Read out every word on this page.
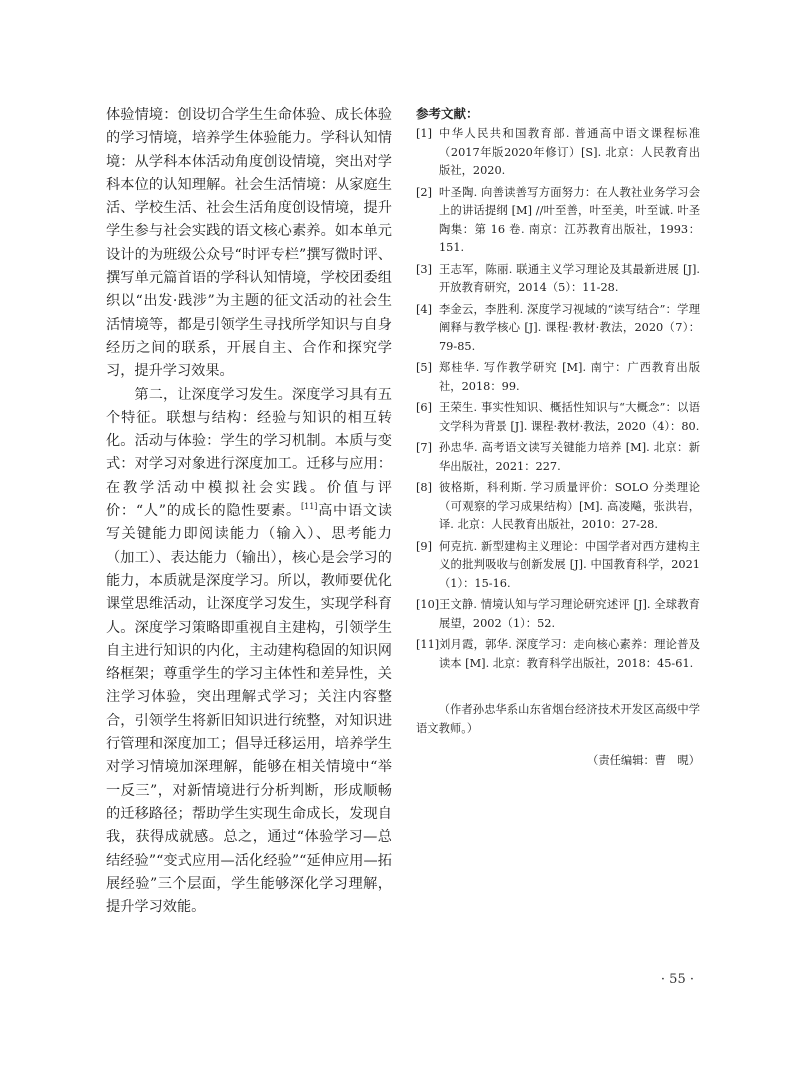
体验情境：创设切合学生生命体验、成长体验的学习情境，培养学生体验能力。学科认知情境：从学科本体活动角度创设情境，突出对学科本位的认知理解。社会生活情境：从家庭生活、学校生活、社会生活角度创设情境，提升学生参与社会实践的语文核心素养。如本单元设计的为班级公众号“时评专栏”撰写微时评、撰写单元篇首语的学科认知情境，学校团委组织以“出发·践涉”为主题的征文活动的社会生活情境等，都是引领学生寻找所学知识与自身经历之间的联系，开展自主、合作和探究学习，提升学习效果。

第二，让深度学习发生。深度学习具有五个特征。联想与结构：经验与知识的相互转化。活动与体验：学生的学习机制。本质与变式：对学习对象进行深度加工。迁移与应用：在教学活动中模拟社会实践。价值与评价：“人”的成长的隐性要素。[11]高中语文读写关键能力即阅读能力（输入）、思考能力（加工）、表达能力（输出），核心是会学习的能力，本质就是深度学习。所以，教师要优化课堂思维活动，让深度学习发生，实现学科育人。深度学习策略即重视自主建构，引领学生自主进行知识的内化，主动建构稳固的知识网络框架；尊重学生的学习主体性和差异性，关注学习体验，突出理解式学习；关注内容整合，引领学生将新旧知识进行统整，对知识进行管理和深度加工；倡导迁移运用，培养学生对学习情境加深理解，能够在相关情境中“举一反三”，对新情境进行分析判断，形成顺畅的迁移路径；帮助学生实现生命成长，发现自我，获得成就感。总之，通过“体验学习—总结经验”“变式应用—活化经验”“延伸应用—拓展经验”三个层面，学生能够深化学习理解，提升学习效能。

参考文献：
[1] 中华人民共和国教育部. 普通高中语文课程标准（2017年版2020年修订）[S]. 北京：人民教育出版社，2020.
[2] 叶圣陶. 向善读善写方面努力：在人教社业务学习会上的讲话提纲 [M] //叶至善，叶至美，叶至诚. 叶圣陶集：第 16 卷. 南京：江苏教育出版社，1993：151.
[3] 王志军，陈丽. 联通主义学习理论及其最新进展 [J]. 开放教育研究，2014（5）：11-28.
[4] 李金云，李胜利. 深度学习视域的“读写结合”：学理阐释与教学核心 [J]. 课程·教材·教法，2020（7）：79-85.
[5] 郑桂华. 写作教学研究 [M]. 南宁：广西教育出版社，2018：99.
[6] 王荣生. 事实性知识、概括性知识与“大概念”：以语文学科为背景 [J]. 课程·教材·教法，2020（4）：80.
[7] 孙忠华. 高考语文读写关键能力培养 [M]. 北京：新华出版社，2021：227.
[8] 彼格斯，科利斯. 学习质量评价：SOLO 分类理论（可观察的学习成果结构）[M]. 高凌飚，张洪岩，译. 北京：人民教育出版社，2010：27-28.
[9] 何克抗. 新型建构主义理论：中国学者对西方建构主义的批判吸收与创新发展 [J]. 中国教育科学，2021（1）：15-16.
[10] 王文静. 情境认知与学习理论研究述评 [J]. 全球教育展望，2002（1）：52.
[11] 刘月霞，郭华. 深度学习：走向核心素养：理论普及读本 [M]. 北京：教育科学出版社，2018：45-61.

（作者孙忠华系山东省烟台经济技术开发区高级中学语文教师。）

（责任编辑：曹　晛）

· 55 ·
